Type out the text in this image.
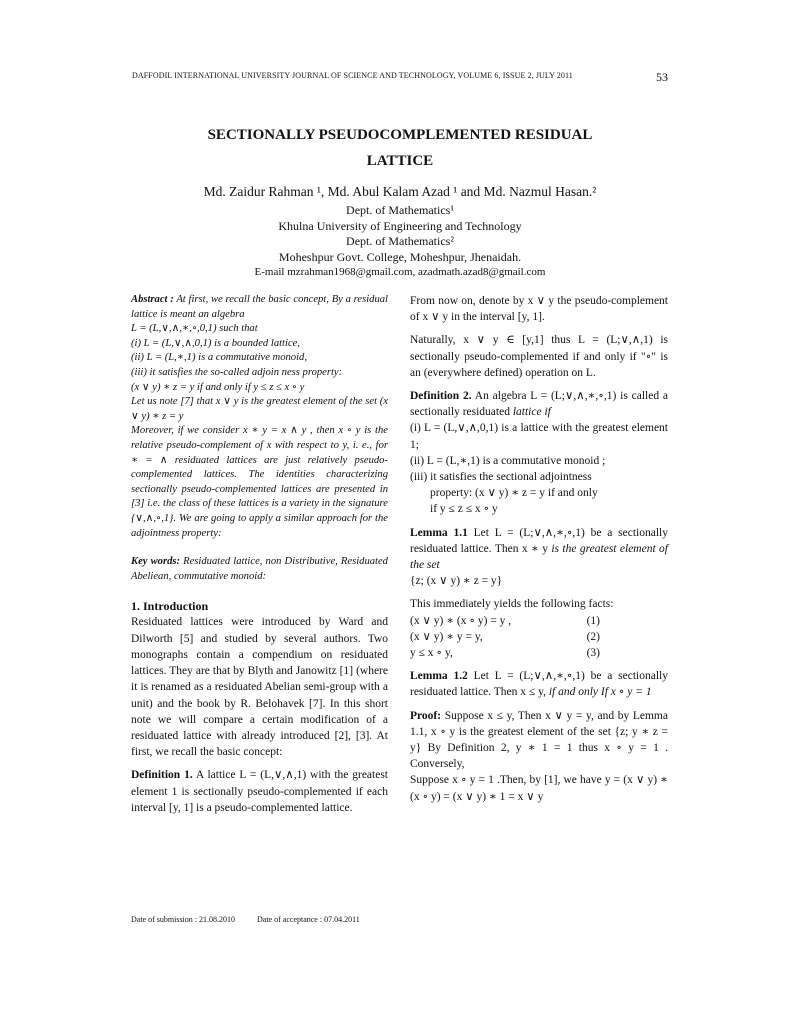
DAFFODIL INTERNATIONAL UNIVERSITY JOURNAL OF SCIENCE AND TECHNOLOGY, VOLUME 6, ISSUE 2, JULY 2011	53
SECTIONALLY PSEUDOCOMPLEMENTED RESIDUAL
LATTICE
Md. Zaidur Rahman ¹, Md. Abul Kalam Azad ¹ and Md. Nazmul Hasan.²
Dept. of Mathematics¹
Khulna University of Engineering and Technology
Dept. of Mathematics²
Moheshpur Govt. College, Moheshpur, Jhenaidah.
E-mail mzrahman1968@gmail.com, azadmath.azad8@gmail.com

Abstract : At first, we recall the basic concept, By a residual lattice is meant an algebra

L = (L,∨,∧,∗,∘,0,1) such that

(i) L = (L,∨,∧,0,1) is a bounded lattice,

(ii) L = (L,∗,1) is a commutative monoid,

(iii) it satisfies the so-called adjoin ness property:

(x ∨ y) ∗ z = y if and only if y ≤ z ≤ x ∘ y

Let us note [7] that x ∨ y is the greatest element of the set (x ∨ y) ∗ z = y

Moreover, if we consider x ∗ y = x ∧ y , then x ∘ y is the relative pseudo-complement of x with respect to y, i. e., for ∗ = ∧ residuated lattices are just relatively pseudo-complemented lattices. The identities characterizing sectionally pseudo-complemented lattices are presented in [3] i.e. the class of these lattices is a variety in the signature {∨,∧,∘,1}. We are going to apply a similar approach for the adjointness property:

Key words: Residuated lattice, non Distributive, Residuated Abeliean, commutative monoid:

1. Introduction

Residuated lattices were introduced by Ward and Dilworth [5] and studied by several authors. Two monographs contain a compendium on residuated lattices. They are that by Blyth and Janowitz [1] (where it is renamed as a residuated Abelian semi-group with a unit) and the book by R. Belohavek [7]. In this short note we will compare a certain modification of a residuated lattice with already introduced [2], [3]. At first, we recall the basic concept:

Definition 1. A lattice L = (L,∨,∧,1) with the greatest element 1 is sectionally pseudo-complemented if each interval [y, 1] is a pseudo-complemented lattice.

From now on, denote by x ∨ y the pseudo-complement of x ∨ y in the interval [y, 1].

Naturally, x ∨ y ∈ [y,1] thus L = (L;∨,∧,1) is sectionally pseudo-complemented if and only if "∘" is an (everywhere defined) operation on L.

Definition 2. An algebra L = (L;∨,∧,∗,∘,1) is called a sectionally residuated lattice if

(i) L = (L,∨,∧,0,1) is a lattice with the greatest element 1;

(ii) L = (L,∗,1) is a commutative monoid ;

(iii) it satisfies the sectional adjointness

property: (x ∨ y) ∗ z = y if and only

if y ≤ z ≤ x ∘ y

Lemma 1.1 Let L = (L;∨,∧,∗,∘,1) be a sectionally residuated lattice. Then x ∗ y is the greatest element of the set

{z; (x ∨ y) ∗ z = y}

This immediately yields the following facts:

(x ∨ y) ∗ (x ∘ y) = y ,	(1)
(x ∨ y) ∗ y = y,	(2)
y ≤ x ∘ y,	(3)

Lemma 1.2 Let L = (L;∨,∧,∗,∘,1) be a sectionally residuated lattice. Then x ≤ y, if and only If x ∘ y = 1

Proof: Suppose x ≤ y, Then x ∨ y = y, and by Lemma 1.1, x ∘ y is the greatest element of the set {z; y ∗ z = y} By Definition 2, y ∗ 1 = 1 thus x ∘ y = 1 . Conversely,

Suppose x ∘ y = 1 .Then, by [1], we have y = (x ∨ y) ∗ (x ∘ y) = (x ∨ y) ∗ 1 = x ∨ y

Date of submission : 21.08.2010	Date of acceptance : 07.04.2011
